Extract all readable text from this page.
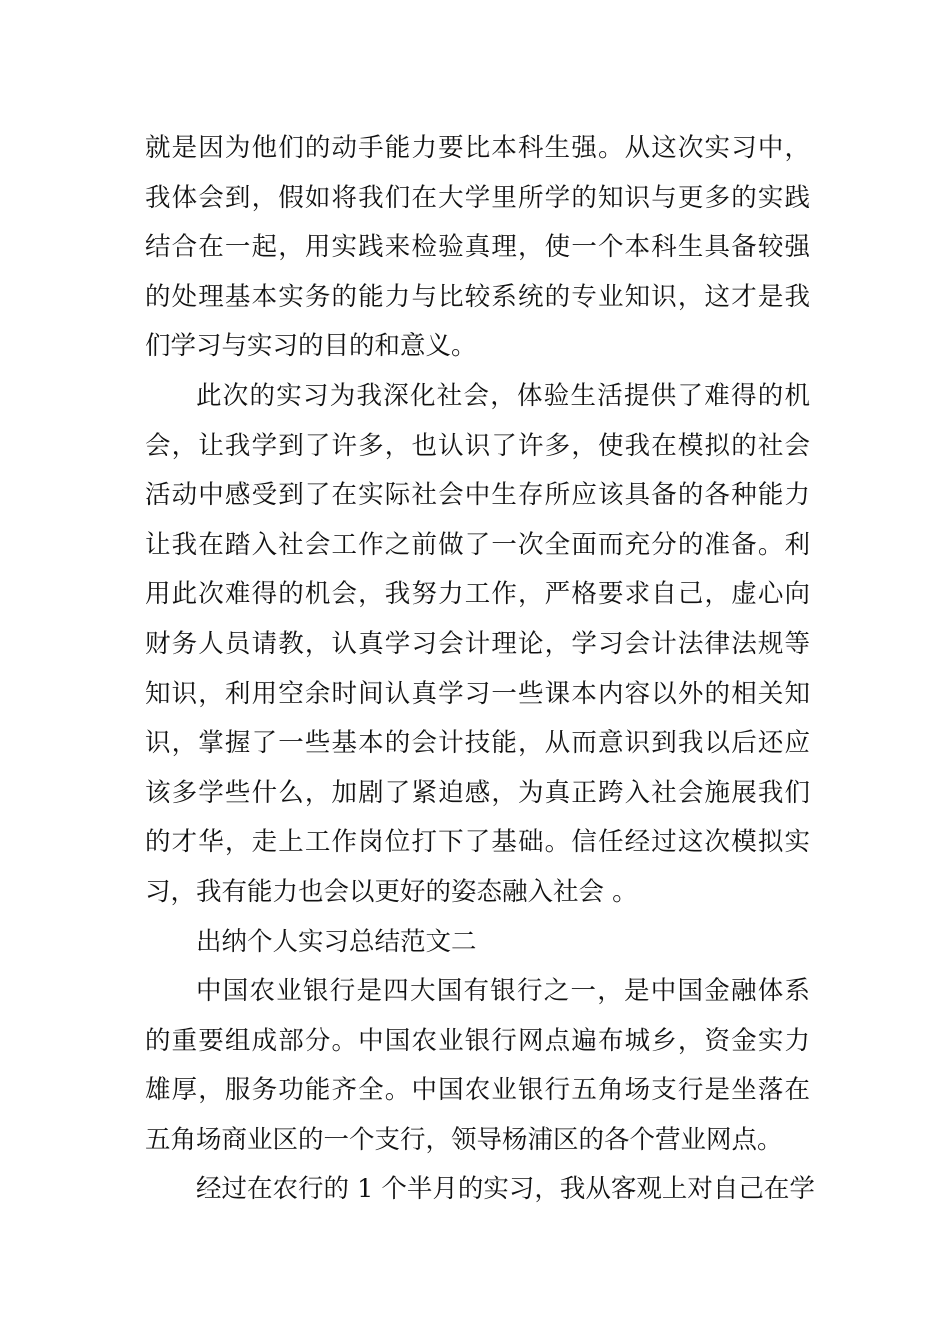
就是因为他们的动手能力要比本科生强。从这次实习中，
我体会到，假如将我们在大学里所学的知识与更多的实践
结合在一起，用实践来检验真理，使一个本科生具备较强
的处理基本实务的能力与比较系统的专业知识，这才是我
们学习与实习的目的和意义。
此次的实习为我深化社会，体验生活提供了难得的机
会，让我学到了许多，也认识了许多，使我在模拟的社会
活动中感受到了在实际社会中生存所应该具备的各种能力
让我在踏入社会工作之前做了一次全面而充分的准备。利
用此次难得的机会，我努力工作，严格要求自己，虚心向
财务人员请教，认真学习会计理论，学习会计法律法规等
知识，利用空余时间认真学习一些课本内容以外的相关知
识，掌握了一些基本的会计技能，从而意识到我以后还应
该多学些什么，加剧了紧迫感，为真正跨入社会施展我们
的才华，走上工作岗位打下了基础。信任经过这次模拟实
习，我有能力也会以更好的姿态融入社会 。
出纳个人实习总结范文二
中国农业银行是四大国有银行之一，是中国金融体系
的重要组成部分。中国农业银行网点遍布城乡，资金实力
雄厚，服务功能齐全。中国农业银行五角场支行是坐落在
五角场商业区的一个支行，领导杨浦区的各个营业网点。
经过在农行的 1 个半月的实习，我从客观上对自己在学
